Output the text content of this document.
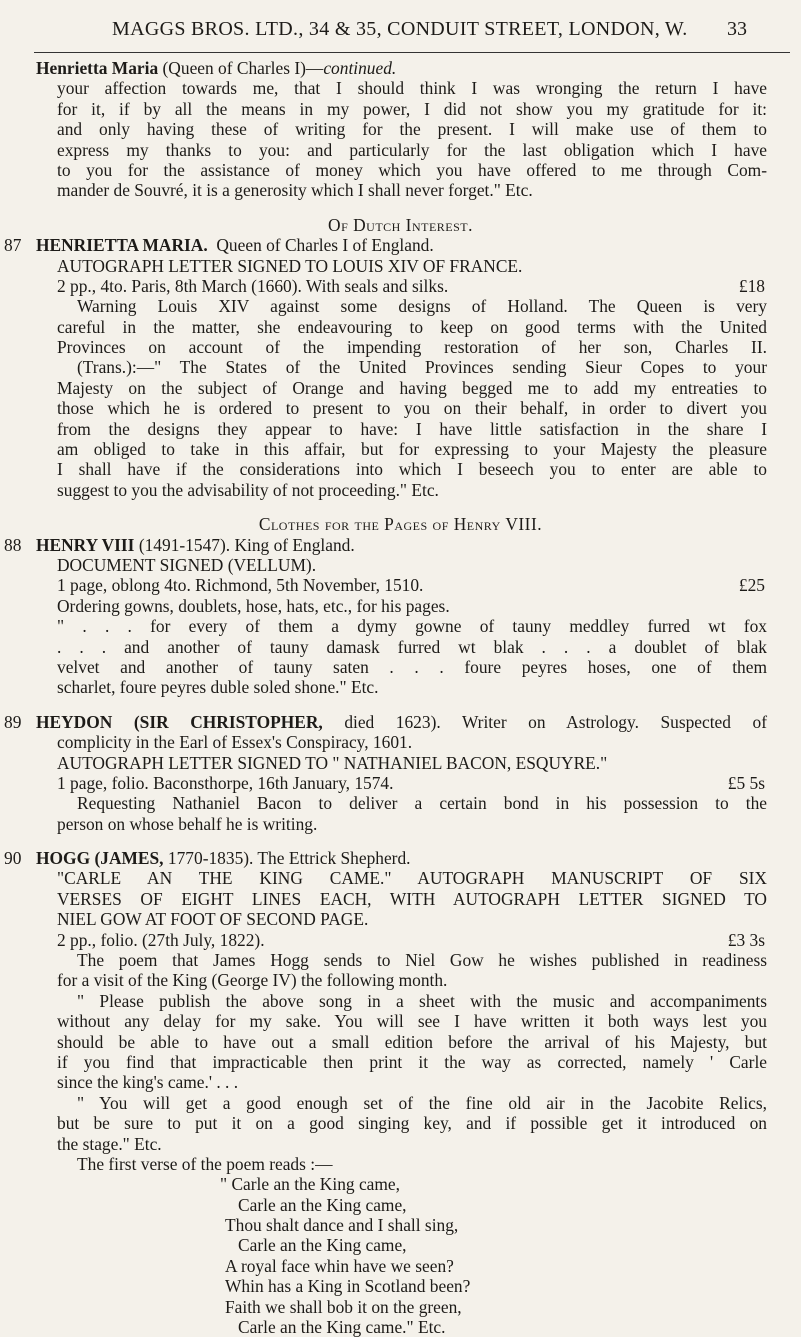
MAGGS BROS. LTD., 34 & 35, CONDUIT STREET, LONDON, W. 33
Henrietta Maria (Queen of Charles I)—continued.
your affection towards me, that I should think I was wronging the return I have
for it, if by all the means in my power, I did not show you my gratitude for it:
and only having these of writing for the present. I will make use of them to
express my thanks to you: and particularly for the last obligation which I have
to you for the assistance of money which you have offered to me through Com-
mander de Souvré, it is a generosity which I shall never forget." Etc.
Of Dutch Interest.
87 HENRIETTA MARIA. Queen of Charles I of England.
AUTOGRAPH LETTER SIGNED TO LOUIS XIV OF FRANCE.
2 pp., 4to. Paris, 8th March (1660). With seals and silks.	£18
Warning Louis XIV against some designs of Holland. The Queen is very
careful in the matter, she endeavouring to keep on good terms with the United
Provinces on account of the impending restoration of her son, Charles II.
(Trans.):—" The States of the United Provinces sending Sieur Copes to your
Majesty on the subject of Orange and having begged me to add my entreaties to
those which he is ordered to present to you on their behalf, in order to divert you
from the designs they appear to have: I have little satisfaction in the share I
am obliged to take in this affair, but for expressing to your Majesty the pleasure
I shall have if the considerations into which I beseech you to enter are able to
suggest to you the advisability of not proceeding." Etc.
Clothes for the Pages of Henry VIII.
88 HENRY VIII (1491-1547). King of England.
DOCUMENT SIGNED (VELLUM).
1 page, oblong 4to. Richmond, 5th November, 1510.	£25
Ordering gowns, doublets, hose, hats, etc., for his pages.
" . . . for every of them a dymy gowne of tauny meddley furred wt fox
. . . and another of tauny damask furred wt blak . . . a doublet of blak
velvet and another of tauny saten . . . foure peyres hoses, one of them
scharlet, foure peyres duble soled shone." Etc.
89 HEYDON (SIR CHRISTOPHER, died 1623). Writer on Astrology. Suspected of
complicity in the Earl of Essex's Conspiracy, 1601.
AUTOGRAPH LETTER SIGNED TO " NATHANIEL BACON, ESQUYRE."
1 page, folio. Baconsthorpe, 16th January, 1574.	£5 5s
Requesting Nathaniel Bacon to deliver a certain bond in his possession to the
person on whose behalf he is writing.
90 HOGG (JAMES, 1770-1835). The Ettrick Shepherd.
"CARLE AN THE KING CAME." AUTOGRAPH MANUSCRIPT OF SIX
VERSES OF EIGHT LINES EACH, WITH AUTOGRAPH LETTER SIGNED TO
NIEL GOW AT FOOT OF SECOND PAGE.
2 pp., folio. (27th July, 1822).	£3 3s
The poem that James Hogg sends to Niel Gow he wishes published in readiness
for a visit of the King (George IV) the following month.
" Please publish the above song in a sheet with the music and accompaniments
without any delay for my sake. You will see I have written it both ways lest you
should be able to have out a small edition before the arrival of his Majesty, but
if you find that impracticable then print it the way as corrected, namely ' Carle
since the king's came.' . . .
" You will get a good enough set of the fine old air in the Jacobite Relics,
but be sure to put it on a good singing key, and if possible get it introduced on
the stage." Etc.
The first verse of the poem reads :—
" Carle an the King came,
Carle an the King came,
Thou shalt dance and I shall sing,
Carle an the King came,
A royal face whin have we seen?
Whin has a King in Scotland been?
Faith we shall bob it on the green,
Carle an the King came." Etc.
